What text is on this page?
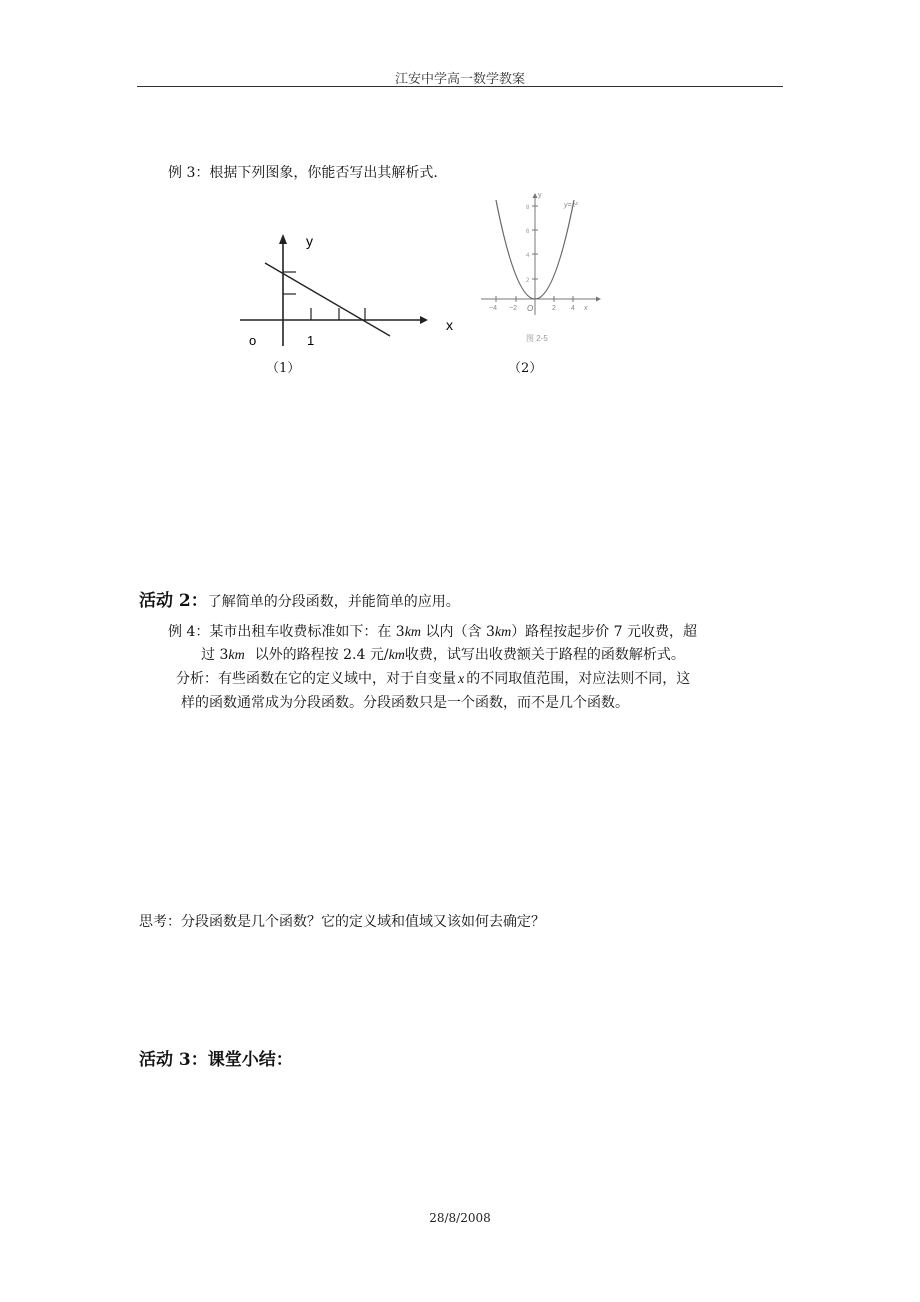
江安中学高一数学教案
例 3：根据下列图象，你能否写出其解析式.
y
x
o	1
（1）
y
y=x²
−4 −2 O	2 4 x
2
4
6
8
图 2-5
（2）
活动 2：了解简单的分段函数，并能简单的应用。
例 4：某市出租车收费标准如下：在 3km 以内（含 3km）路程按起步价 7 元收费，超
过 3km 以外的路程按 2.4 元/km收费，试写出收费额关于路程的函数解析式。
分析：有些函数在它的定义域中，对于自变量 x 的不同取值范围，对应法则不同，这
样的函数通常成为分段函数。分段函数只是一个函数，而不是几个函数。
思考：分段函数是几个函数？它的定义域和值域又该如何去确定？
活动 3：课堂小结：
28/8/2008
